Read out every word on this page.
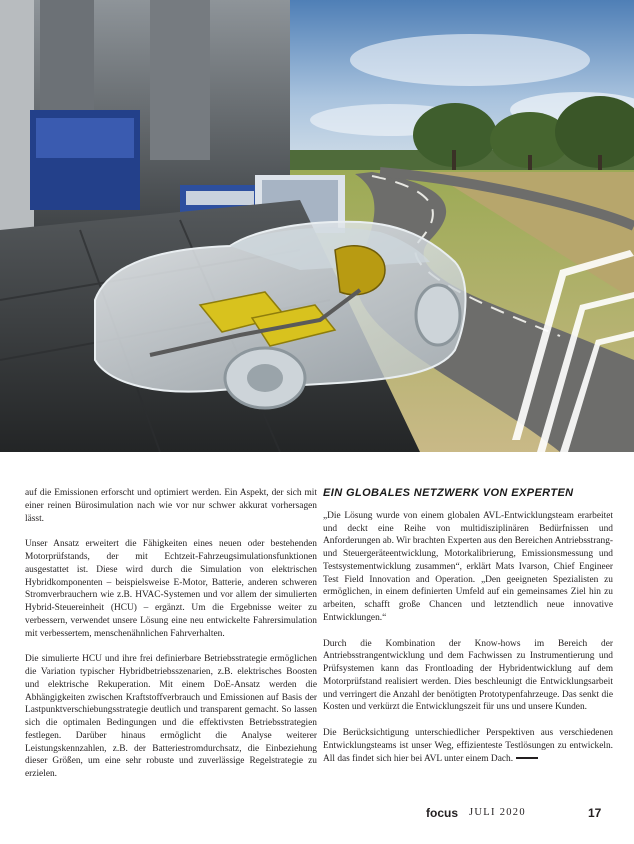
auf die Emissionen erforscht und optimiert werden. Ein Aspekt, der sich mit einer reinen Bürosimulation nach wie vor nur schwer akkurat vorhersagen lässt.

Unser Ansatz erweitert die Fähigkeiten eines neuen oder bestehenden Motorprüfstands, der mit Echtzeit-Fahrzeugsimulationsfunktionen ausgestattet ist. Diese wird durch die Simulation von elektrischen Hybridkomponenten – beispielsweise E-Motor, Batterie, anderen schweren Stromverbrauchern wie z.B. HVAC-Systemen und vor allem der simulierten Hybrid-Steuereinheit (HCU) – ergänzt. Um die Ergebnisse weiter zu verbessern, verwendet unsere Lösung eine neu entwickelte Fahrersimulation mit verbessertem, menschenähnlichen Fahrverhalten.

Die simulierte HCU und ihre frei definierbare Betriebsstrategie ermöglichen die Variation typischer Hybridbetriebsszenarien, z.B. elektrisches Boosten und elektrische Rekuperation. Mit einem DoE-Ansatz werden die Abhängigkeiten zwischen Kraftstoffverbrauch und Emissionen auf Basis der Lastpunktverschiebungsstrategie deutlich und transparent gemacht. So lassen sich die optimalen Bedingungen und die effektivsten Betriebsstrategien festlegen. Darüber hinaus ermöglicht die Analyse weiterer Leistungskennzahlen, z.B. der Batteriestromdurchsatz, die Einbeziehung dieser Größen, um eine sehr robuste und zuverlässige Regelstrategie zu erzielen.

EIN GLOBALES NETZWERK VON EXPERTEN

„Die Lösung wurde von einem globalen AVL-Entwicklungsteam erarbeitet und deckt eine Reihe von multidisziplinären Bedürfnissen und Anforderungen ab. Wir brachten Experten aus den Bereichen Antriebsstrang- und Steuergeräteentwicklung, Motorkalibrierung, Emissionsmessung und Testsystementwicklung zusammen“, erklärt Mats Ivarson, Chief Engineer Test Field Innovation and Operation. „Den geeigneten Spezialisten zu ermöglichen, in einem definierten Umfeld auf ein gemeinsames Ziel hin zu arbeiten, schafft große Chancen und letztendlich neue innovative Entwicklungen.“

Durch die Kombination der Know-hows im Bereich der Antriebsstrangentwicklung und dem Fachwissen zu Instrumentierung und Prüfsystemen kann das Frontloading der Hybridentwicklung auf dem Motorprüfstand realisiert werden. Dies beschleunigt die Entwicklungsarbeit und verringert die Anzahl der benötigten Prototypenfahrzeuge. Das senkt die Kosten und verkürzt die Entwicklungszeit für uns und unsere Kunden.

Die Berücksichtigung unterschiedlicher Perspektiven aus verschiedenen Entwicklungsteams ist unser Weg, effizienteste Testlösungen zu entwickeln. All das findet sich hier bei AVL unter einem Dach.

focus JULI 2020	17
